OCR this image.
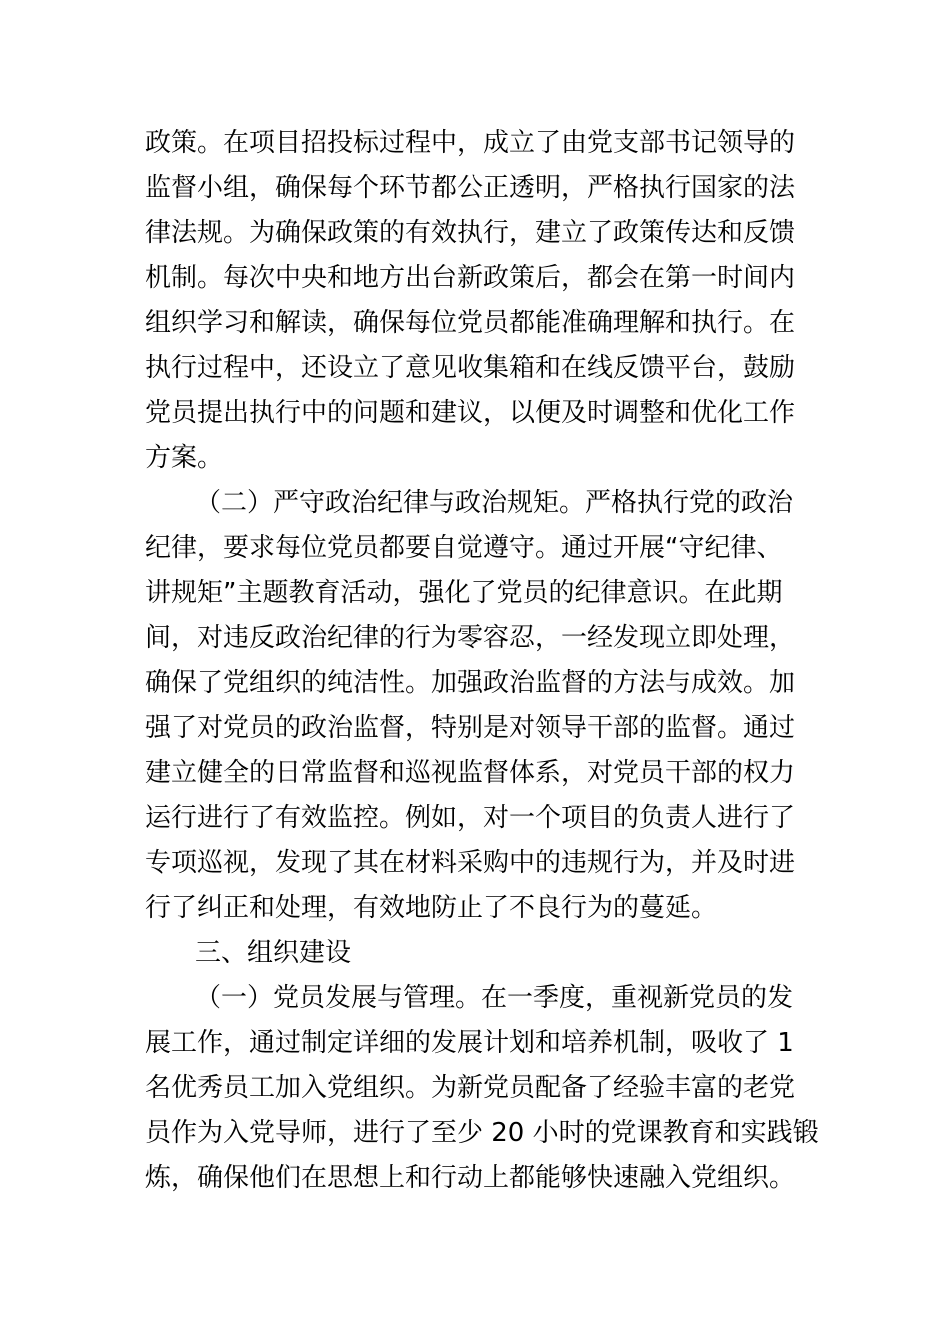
政策。在项目招投标过程中，成立了由党支部书记领导的
监督小组，确保每个环节都公正透明，严格执行国家的法
律法规。为确保政策的有效执行，建立了政策传达和反馈
机制。每次中央和地方出台新政策后，都会在第一时间内
组织学习和解读，确保每位党员都能准确理解和执行。在
执行过程中，还设立了意见收集箱和在线反馈平台，鼓励
党员提出执行中的问题和建议，以便及时调整和优化工作
方案。
（二）严守政治纪律与政治规矩。严格执行党的政治
纪律，要求每位党员都要自觉遵守。通过开展“守纪律、
讲规矩”主题教育活动，强化了党员的纪律意识。在此期
间，对违反政治纪律的行为零容忍，一经发现立即处理，
确保了党组织的纯洁性。加强政治监督的方法与成效。加
强了对党员的政治监督，特别是对领导干部的监督。通过
建立健全的日常监督和巡视监督体系，对党员干部的权力
运行进行了有效监控。例如，对一个项目的负责人进行了
专项巡视，发现了其在材料采购中的违规行为，并及时进
行了纠正和处理，有效地防止了不良行为的蔓延。
三、组织建设
（一）党员发展与管理。在一季度，重视新党员的发
展工作，通过制定详细的发展计划和培养机制，吸收了 1
名优秀员工加入党组织。为新党员配备了经验丰富的老党
员作为入党导师，进行了至少 20 小时的党课教育和实践锻
炼，确保他们在思想上和行动上都能够快速融入党组织。
